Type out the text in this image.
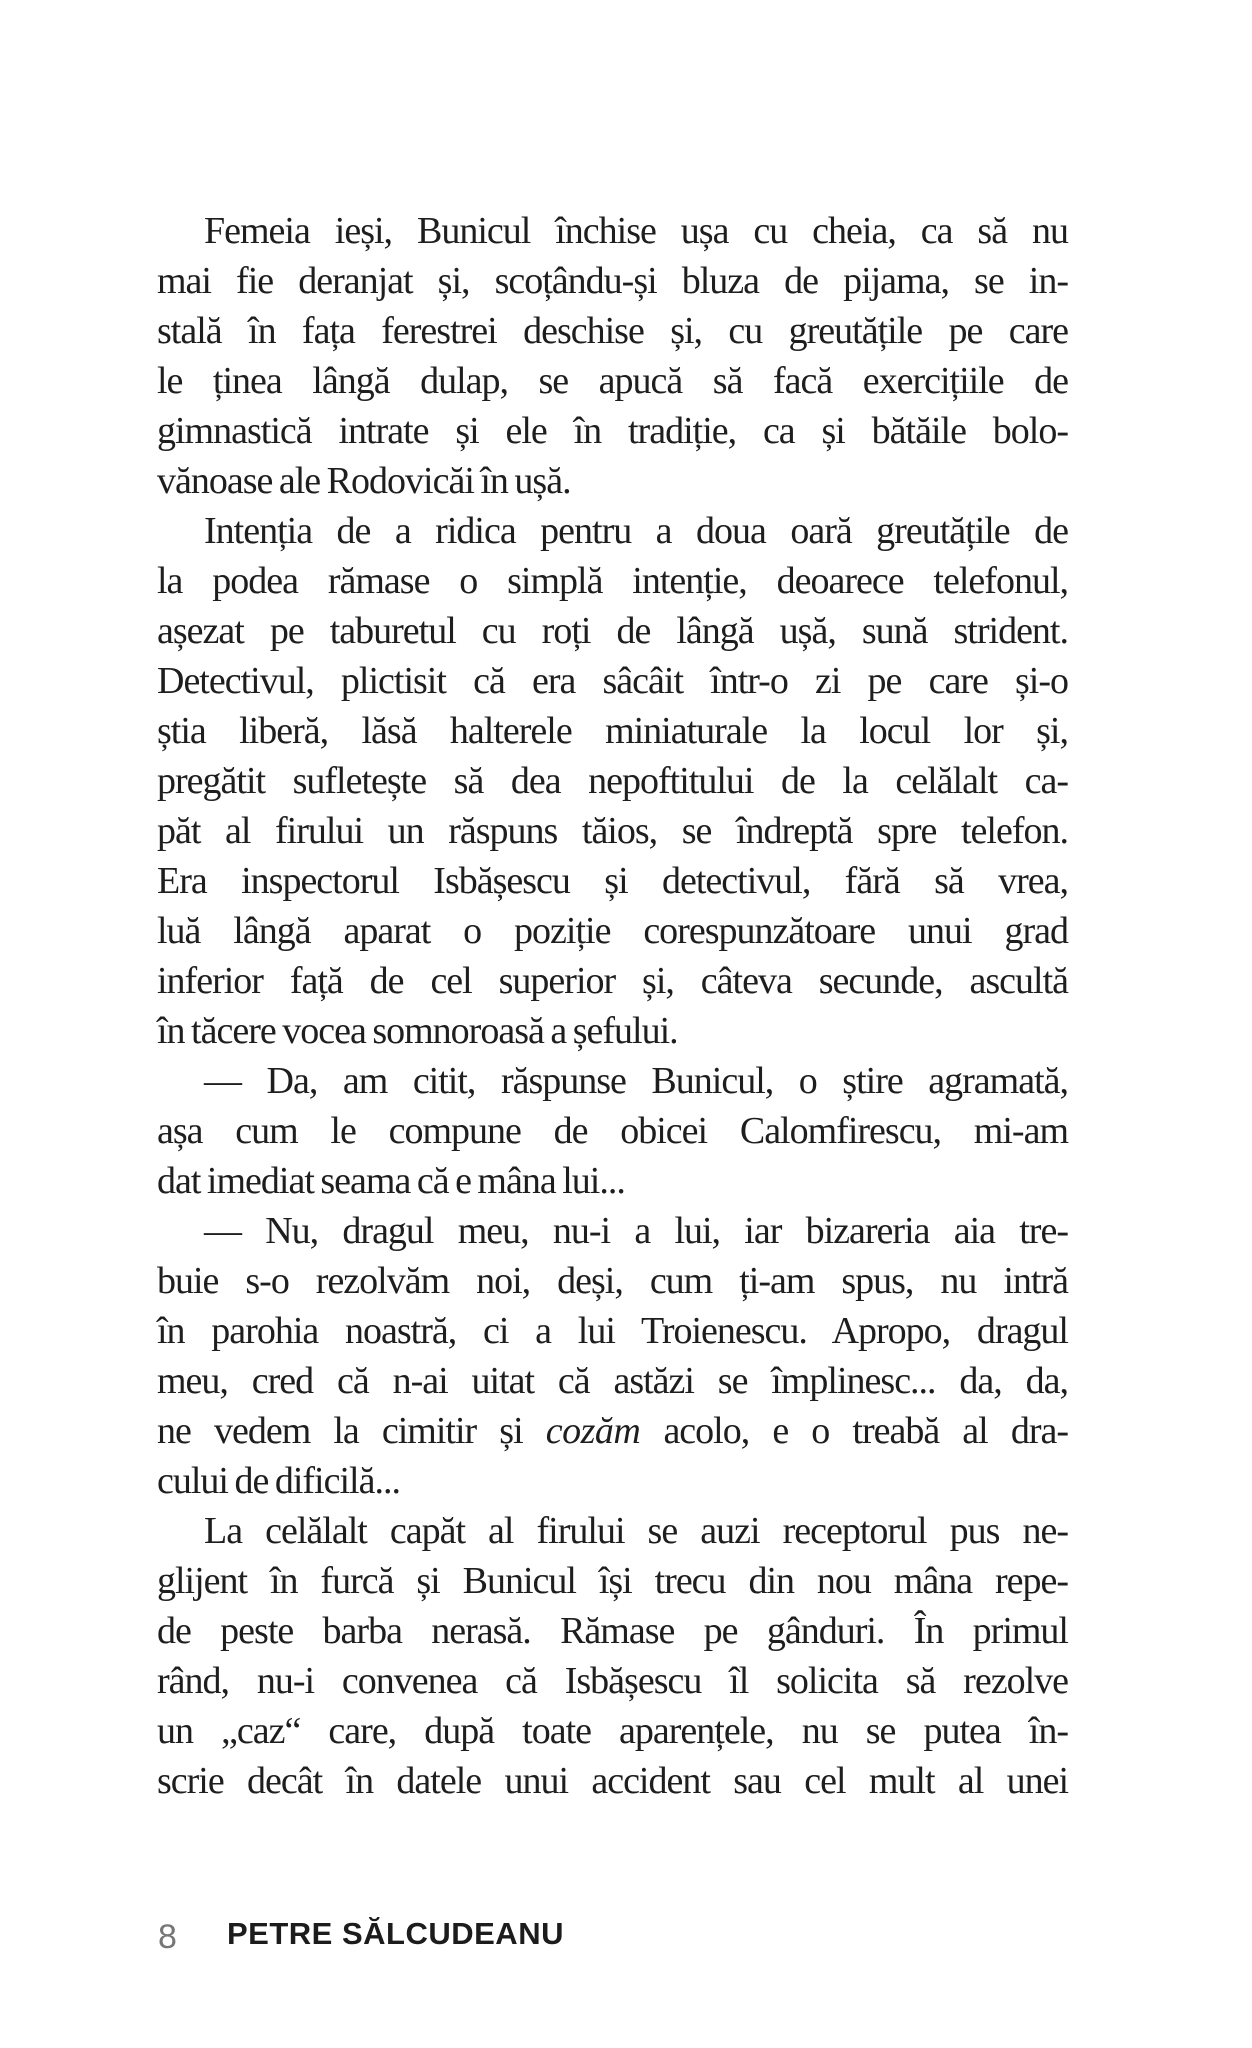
Femeia ieși, Bunicul închise ușa cu cheia, ca să nu
mai fie deranjat și, scoțându-și bluza de pijama, se in-
stală în fața ferestrei deschise și, cu greutățile pe care
le ținea lângă dulap, se apucă să facă exercițiile de
gimnastică intrate și ele în tradiție, ca și bătăile bolo-
vănoase ale Rodovicăi în ușă.
Intenția de a ridica pentru a doua oară greutățile de
la podea rămase o simplă intenție, deoarece telefonul,
așezat pe taburetul cu roți de lângă ușă, sună strident.
Detectivul, plictisit că era sâcâit într-o zi pe care și-o
știa liberă, lăsă halterele miniaturale la locul lor și,
pregătit sufletește să dea nepoftitului de la celălalt ca-
păt al firului un răspuns tăios, se îndreptă spre telefon.
Era inspectorul Isbășescu și detectivul, fără să vrea,
luă lângă aparat o poziție corespunzătoare unui grad
inferior față de cel superior și, câteva secunde, ascultă
în tăcere vocea somnoroasă a șefului.
— Da, am citit, răspunse Bunicul, o știre agramată,
așa cum le compune de obicei Calomfirescu, mi-am
dat imediat seama că e mâna lui...
— Nu, dragul meu, nu-i a lui, iar bizareria aia tre-
buie s-o rezolvăm noi, deși, cum ți-am spus, nu intră
în parohia noastră, ci a lui Troienescu. Apropo, dragul
meu, cred că n-ai uitat că astăzi se împlinesc... da, da,
ne vedem la cimitir și cozăm acolo, e o treabă al dra-
cului de dificilă...
La celălalt capăt al firului se auzi receptorul pus ne-
glijent în furcă și Bunicul își trecu din nou mâna repe-
de peste barba nerasă. Rămase pe gânduri. În primul
rând, nu-i convenea că Isbășescu îl solicita să rezolve
un „caz“ care, după toate aparențele, nu se putea în-
scrie decât în datele unui accident sau cel mult al unei
8 PETRE SĂLCUDEANU
